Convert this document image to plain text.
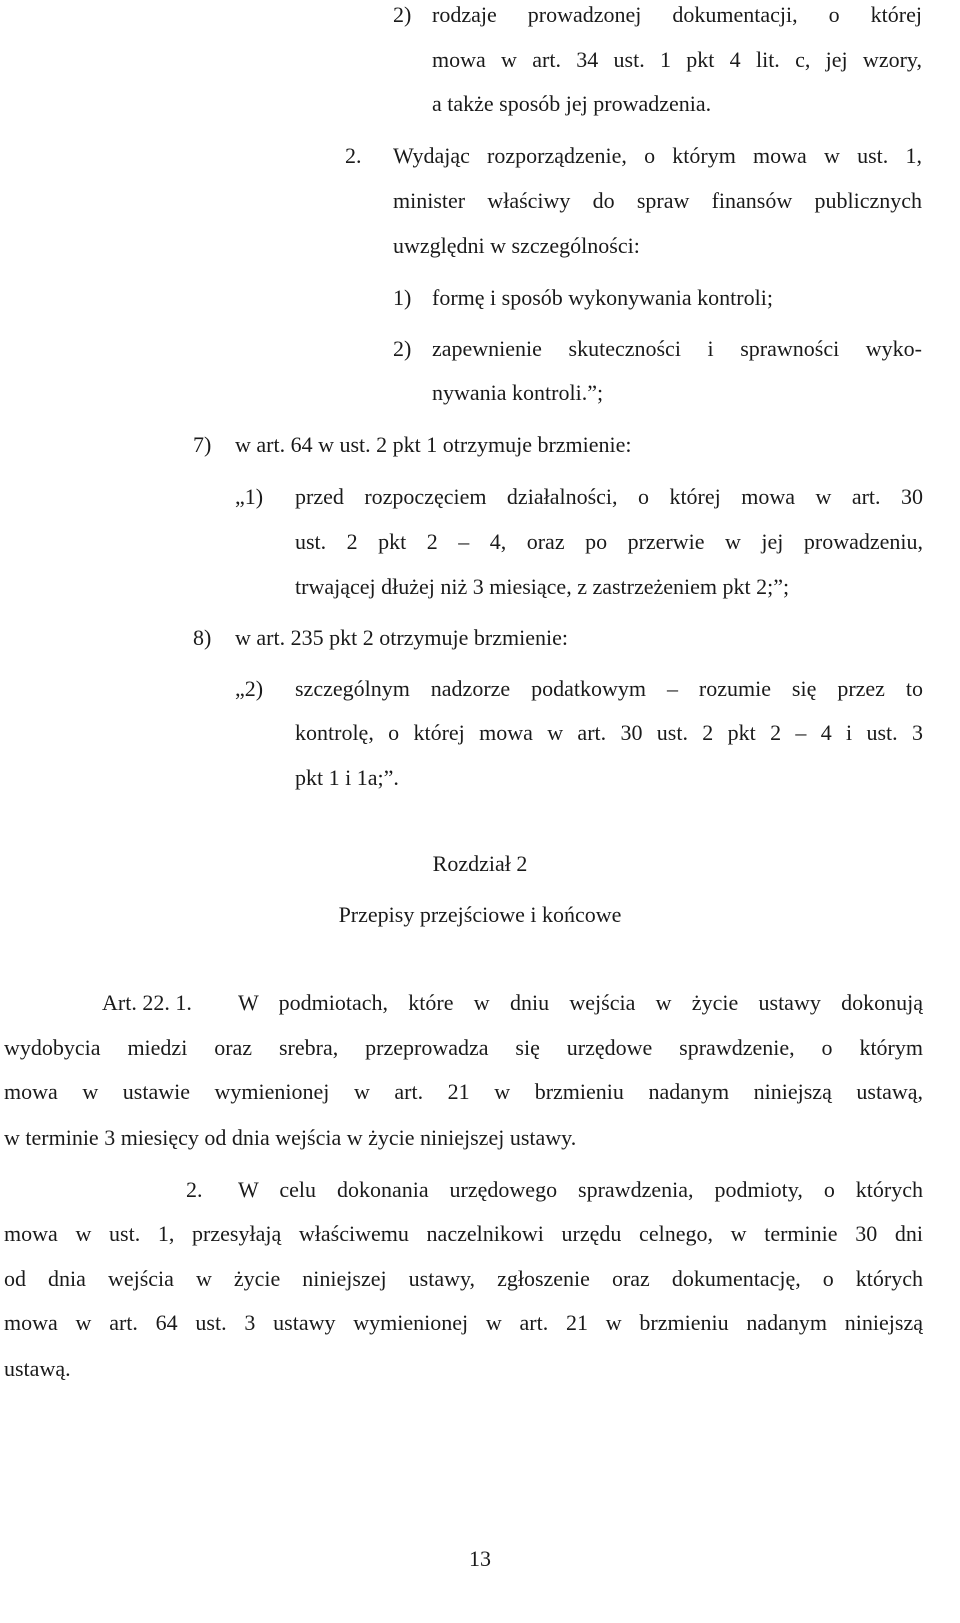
2) rodzaje prowadzonej dokumentacji, o której
mowa w art. 34 ust. 1 pkt 4 lit. c, jej wzory,
a także sposób jej prowadzenia.
2. Wydając rozporządzenie, o którym mowa w ust. 1,
minister właściwy do spraw finansów publicznych
uwzględni w szczególności:
1) formę i sposób wykonywania kontroli;
2) zapewnienie skuteczności i sprawności wyko-
nywania kontroli.”;
7) w art. 64 w ust. 2 pkt 1 otrzymuje brzmienie:
„1) przed rozpoczęciem działalności, o której mowa w art. 30
ust. 2 pkt 2 – 4, oraz po przerwie w jej prowadzeniu,
trwającej dłużej niż 3 miesiące, z zastrzeżeniem pkt 2;”;
8) w art. 235 pkt 2 otrzymuje brzmienie:
„2) szczególnym nadzorze podatkowym – rozumie się przez to
kontrolę, o której mowa w art. 30 ust. 2 pkt 2 – 4 i ust. 3
pkt 1 i 1a;”.
Rozdział 2
Przepisy przejściowe i końcowe
Art. 22. 1. W podmiotach, które w dniu wejścia w życie ustawy dokonują
wydobycia miedzi oraz srebra, przeprowadza się urzędowe sprawdzenie, o którym
mowa w ustawie wymienionej w art. 21 w brzmieniu nadanym niniejszą ustawą,
w terminie 3 miesięcy od dnia wejścia w życie niniejszej ustawy.
2. W celu dokonania urzędowego sprawdzenia, podmioty, o których
mowa w ust. 1, przesyłają właściwemu naczelnikowi urzędu celnego, w terminie 30 dni
od dnia wejścia w życie niniejszej ustawy, zgłoszenie oraz dokumentację, o których
mowa w art. 64 ust. 3 ustawy wymienionej w art. 21 w brzmieniu nadanym niniejszą
ustawą.
13
